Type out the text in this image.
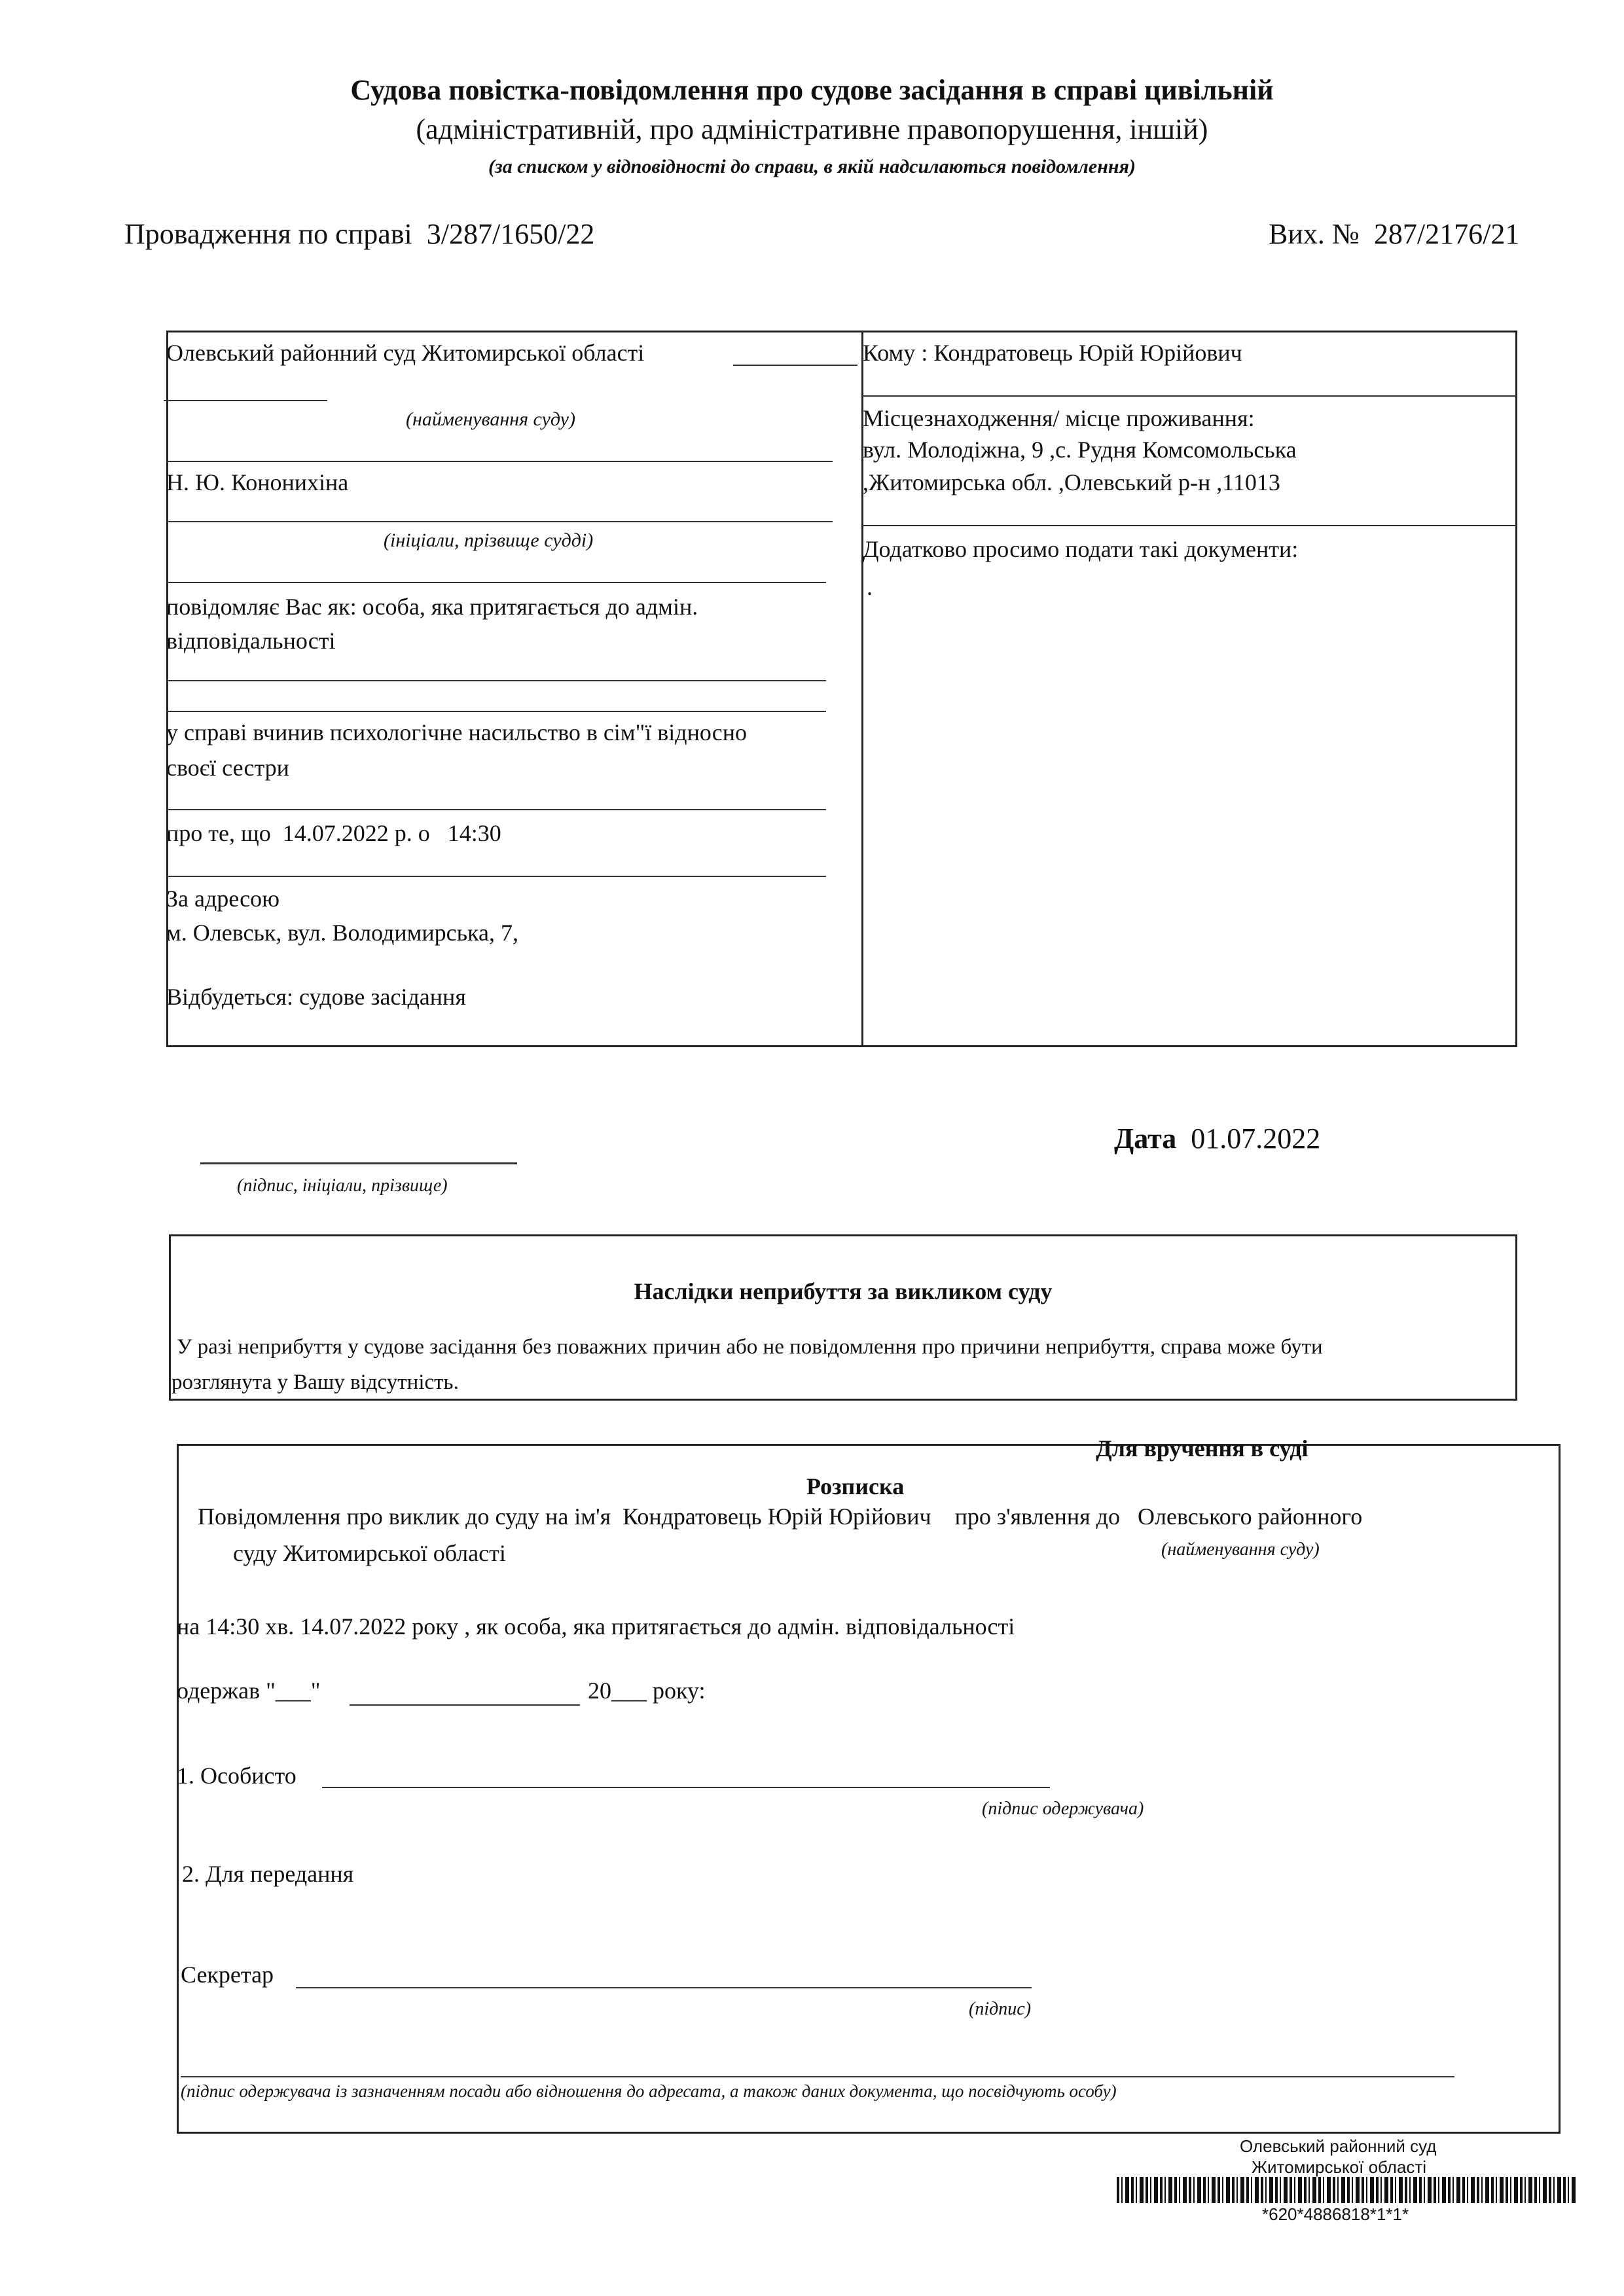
Судова повістка-повідомлення про судове засідання в справі цивільній
(адміністративній, про адміністративне правопорушення, іншій)
(за списком у відповідності до справи, в якій надсилаються повідомлення)
Провадження по справі 3/287/1650/22	Вих. № 287/2176/21
Олевський районний суд Житомирської області
(найменування суду)
Н. Ю. Кононихіна
(ініціали, прізвище судді)
повідомляє Вас як: особа, яка притягається до адмін.
відповідальності
у справі вчинив психологічне насильство в сім"ї відносно
своєї сестри
про те, що 14.07.2022 р. о 14:30
За адресою
м. Олевськ, вул. Володимирська, 7,
Відбудеться: судове засідання
Кому : Кондратовець Юрій Юрійович
Місцезнаходження/ місце проживання:
вул. Молодіжна, 9 ,с. Рудня Комсомольська
,Житомирська обл. ,Олевський р-н ,11013
Додатково просимо подати такі документи:
.
(підпис, ініціали, прізвище)
Дата 01.07.2022
Наслідки неприбуття за викликом суду
У разі неприбуття у судове засідання без поважних причин або не повідомлення про причини неприбуття, справа може бути
розглянута у Вашу відсутність.
Для вручення в суді
Розписка
Повідомлення про виклик до суду на ім'я Кондратовець Юрій Юрійович про з'явлення до Олевського районного
суду Житомирської області	(найменування суду)
на 14:30 хв. 14.07.2022 року , як особа, яка притягається до адмін. відповідальності
одержав "___"	20___ року:
1. Особисто
(підпис одержувача)
2. Для передання
Секретар
(підпис)
(підпис одержувача із зазначенням посади або відношення до адресата, а також даних документа, що посвідчують особу)
Олевський районний суд
Житомирської області
*620*4886818*1*1*
